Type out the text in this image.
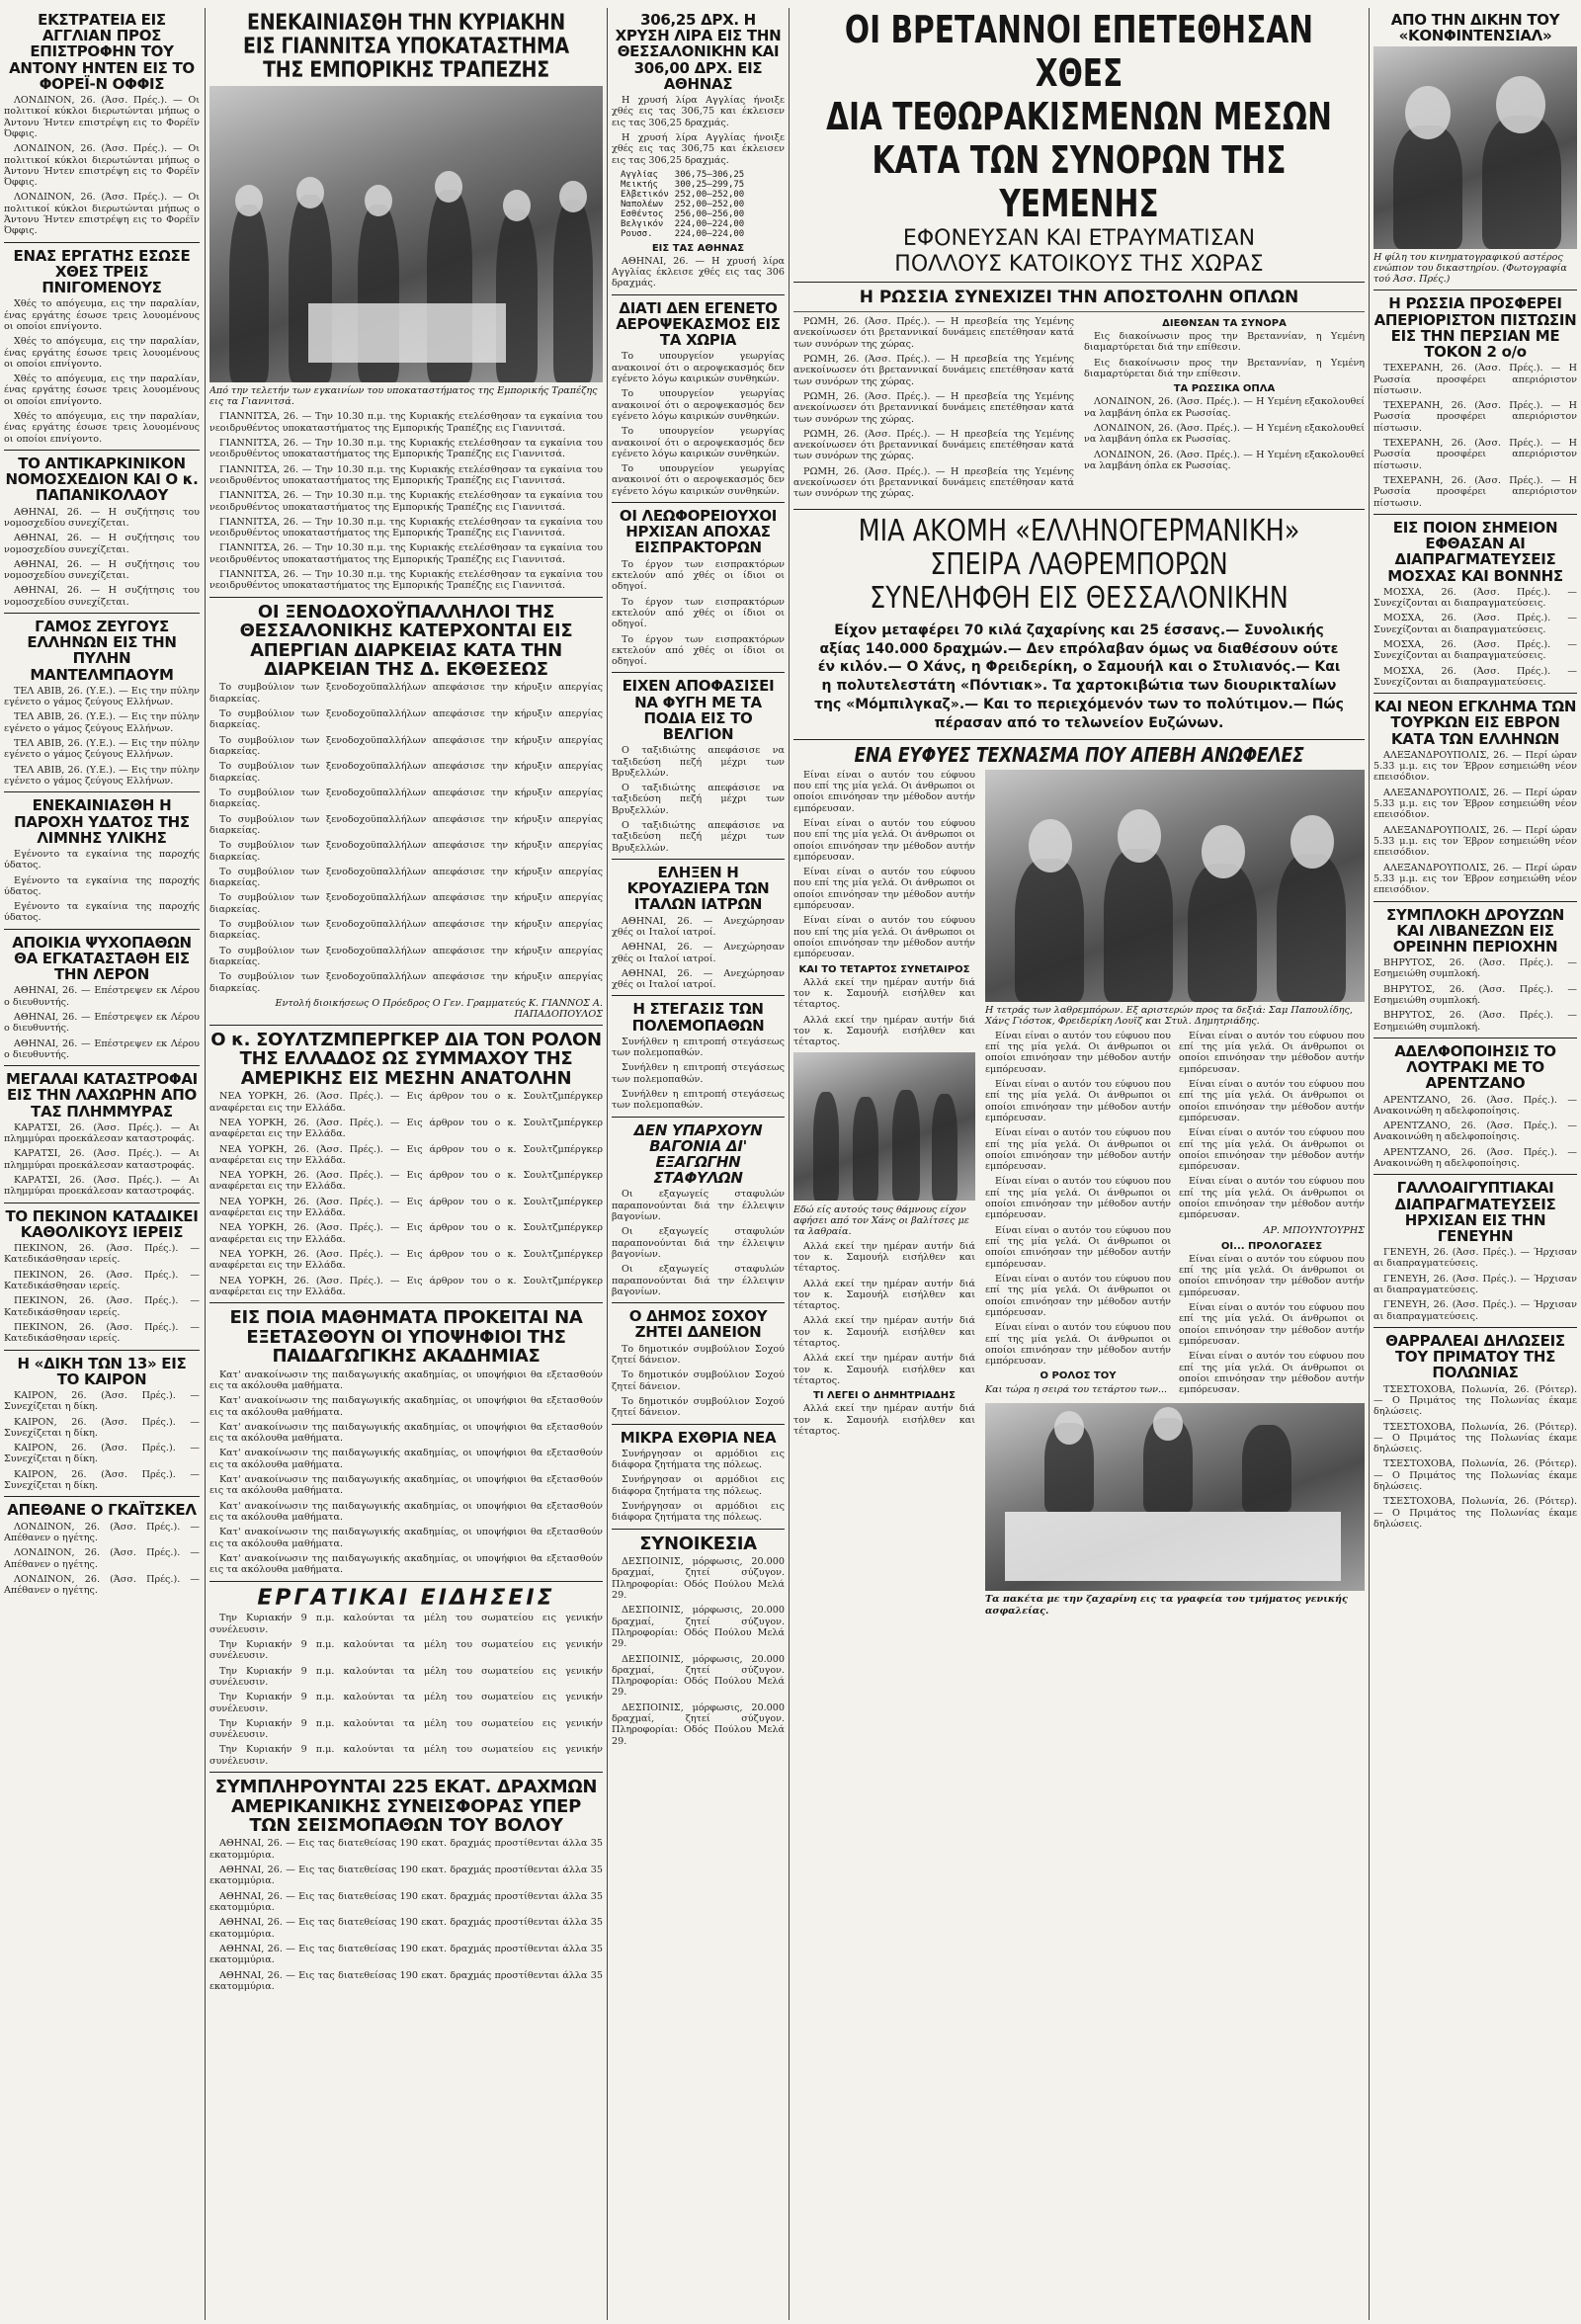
ΕΚΣΤΡΑΤΕΙΑ ΕΙΣ ΑΓΓΛΙΑΝ ΠΡΟΣ ΕΠΙΣΤΡΟΦΗΝ ΤΟΥ ΑΝΤΟΝΥ ΗΝΤΕΝ ΕΙΣ ΤΟ ΦΟΡΕΪ-Ν ΟΦΦΙΣ

ΛΟΝΔΙΝΟΝ, 26. (Άσσ. Πρές.). — Οι πολιτικοί κύκλοι διερωτώνται μήπως ο Άντονυ Ήντεν επιστρέψη εις το Φορέϊν Όφφις.

ΛΟΝΔΙΝΟΝ, 26. (Άσσ. Πρές.). — Οι πολιτικοί κύκλοι διερωτώνται μήπως ο Άντονυ Ήντεν επιστρέψη εις το Φορέϊν Όφφις.

ΛΟΝΔΙΝΟΝ, 26. (Άσσ. Πρές.). — Οι πολιτικοί κύκλοι διερωτώνται μήπως ο Άντονυ Ήντεν επιστρέψη εις το Φορέϊν Όφφις.

ΕΝΑΣ ΕΡΓΑΤΗΣ ΕΣΩΣΕ ΧΘΕΣ ΤΡΕΙΣ ΠΝΙΓΟΜΕΝΟΥΣ

Χθές το απόγευμα, εις την παραλίαν, ένας εργάτης έσωσε τρεις λουομένους οι οποίοι επνίγοντο.

Χθές το απόγευμα, εις την παραλίαν, ένας εργάτης έσωσε τρεις λουομένους οι οποίοι επνίγοντο.

Χθές το απόγευμα, εις την παραλίαν, ένας εργάτης έσωσε τρεις λουομένους οι οποίοι επνίγοντο.

Χθές το απόγευμα, εις την παραλίαν, ένας εργάτης έσωσε τρεις λουομένους οι οποίοι επνίγοντο.

ΤΟ ΑΝΤΙΚΑΡΚΙΝΙΚΟΝ ΝΟΜΟΣΧΕΔΙΟΝ ΚΑΙ Ο κ. ΠΑΠΑΝΙΚΟΛΑΟΥ

ΑΘΗΝΑΙ, 26. — Η συζήτησις του νομοσχεδίου συνεχίζεται.

ΑΘΗΝΑΙ, 26. — Η συζήτησις του νομοσχεδίου συνεχίζεται.

ΑΘΗΝΑΙ, 26. — Η συζήτησις του νομοσχεδίου συνεχίζεται.

ΑΘΗΝΑΙ, 26. — Η συζήτησις του νομοσχεδίου συνεχίζεται.

ΓΑΜΟΣ ΖΕΥΓΟΥΣ ΕΛΛΗΝΩΝ ΕΙΣ ΤΗΝ ΠΥΛΗΝ ΜΑΝΤΕΛΜΠΑΟΥΜ

ΤΕΛ ΑΒΙΒ, 26. (Υ.Ε.). — Εις την πύλην εγένετο ο γάμος ζεύγους Ελλήνων.

ΤΕΛ ΑΒΙΒ, 26. (Υ.Ε.). — Εις την πύλην εγένετο ο γάμος ζεύγους Ελλήνων.

ΤΕΛ ΑΒΙΒ, 26. (Υ.Ε.). — Εις την πύλην εγένετο ο γάμος ζεύγους Ελλήνων.

ΤΕΛ ΑΒΙΒ, 26. (Υ.Ε.). — Εις την πύλην εγένετο ο γάμος ζεύγους Ελλήνων.

ΕΝΕΚΑΙΝΙΑΣΘΗ Η ΠΑΡΟΧΗ ΥΔΑΤΟΣ ΤΗΣ ΛΙΜΝΗΣ ΥΛΙΚΗΣ

Εγένοντο τα εγκαίνια της παροχής ύδατος.

Εγένοντο τα εγκαίνια της παροχής ύδατος.

Εγένοντο τα εγκαίνια της παροχής ύδατος.

ΑΠΟΙΚΙΑ ΨΥΧΟΠΑΘΩΝ ΘΑ ΕΓΚΑΤΑΣΤΑΘΗ ΕΙΣ ΤΗΝ ΛΕΡΟΝ

ΑΘΗΝΑΙ, 26. — Επέστρεψεν εκ Λέρου ο διευθυντής.

ΑΘΗΝΑΙ, 26. — Επέστρεψεν εκ Λέρου ο διευθυντής.

ΑΘΗΝΑΙ, 26. — Επέστρεψεν εκ Λέρου ο διευθυντής.

ΜΕΓΑΛΑΙ ΚΑΤΑΣΤΡΟΦΑΙ ΕΙΣ ΤΗΝ ΛΑΧΩΡΗΝ ΑΠΟ ΤΑΣ ΠΛΗΜΜΥΡΑΣ

ΚΑΡΑΤΣΙ, 26. (Άσσ. Πρές.). — Αι πλημμύραι προεκάλεσαν καταστροφάς.

ΚΑΡΑΤΣΙ, 26. (Άσσ. Πρές.). — Αι πλημμύραι προεκάλεσαν καταστροφάς.

ΚΑΡΑΤΣΙ, 26. (Άσσ. Πρές.). — Αι πλημμύραι προεκάλεσαν καταστροφάς.

ΤΟ ΠΕΚΙΝΟΝ ΚΑΤΑΔΙΚΕΙ ΚΑΘΟΛΙΚΟΥΣ ΙΕΡΕΙΣ

ΠΕΚΙΝΟΝ, 26. (Άσσ. Πρές.). — Κατεδικάσθησαν ιερείς.

ΠΕΚΙΝΟΝ, 26. (Άσσ. Πρές.). — Κατεδικάσθησαν ιερείς.

ΠΕΚΙΝΟΝ, 26. (Άσσ. Πρές.). — Κατεδικάσθησαν ιερείς.

ΠΕΚΙΝΟΝ, 26. (Άσσ. Πρές.). — Κατεδικάσθησαν ιερείς.

Η «ΔΙΚΗ ΤΩΝ 13» ΕΙΣ ΤΟ ΚΑΙΡΟΝ

ΚΑΙΡΟΝ, 26. (Άσσ. Πρές.). — Συνεχίζεται η δίκη.

ΚΑΙΡΟΝ, 26. (Άσσ. Πρές.). — Συνεχίζεται η δίκη.

ΚΑΙΡΟΝ, 26. (Άσσ. Πρές.). — Συνεχίζεται η δίκη.

ΚΑΙΡΟΝ, 26. (Άσσ. Πρές.). — Συνεχίζεται η δίκη.

ΑΠΕΘΑΝΕ Ο ΓΚΑΪΤΣΚΕΛ

ΛΟΝΔΙΝΟΝ, 26. (Άσσ. Πρές.). — Απέθανεν ο ηγέτης.

ΛΟΝΔΙΝΟΝ, 26. (Άσσ. Πρές.). — Απέθανεν ο ηγέτης.

ΛΟΝΔΙΝΟΝ, 26. (Άσσ. Πρές.). — Απέθανεν ο ηγέτης.

ΕΝΕΚΑΙΝΙΑΣΘΗ ΤΗΝ ΚΥΡΙΑΚΗΝ ΕΙΣ ΓΙΑΝΝΙΤΣΑ ΥΠΟΚΑΤΑΣΤΗΜΑ ΤΗΣ ΕΜΠΟΡΙΚΗΣ ΤΡΑΠΕΖΗΣ
Από την τελετήν των εγκαινίων του υποκαταστήματος της Εμπορικής Τραπέζης εις τα Γιαννιτσά.

ΓΙΑΝΝΙΤΣΑ, 26. — Την 10.30 π.μ. της Κυριακής ετελέσθησαν τα εγκαίνια του νεοιδρυθέντος υποκαταστήματος της Εμπορικής Τραπέζης εις Γιαννιτσά.

ΓΙΑΝΝΙΤΣΑ, 26. — Την 10.30 π.μ. της Κυριακής ετελέσθησαν τα εγκαίνια του νεοιδρυθέντος υποκαταστήματος της Εμπορικής Τραπέζης εις Γιαννιτσά.

ΓΙΑΝΝΙΤΣΑ, 26. — Την 10.30 π.μ. της Κυριακής ετελέσθησαν τα εγκαίνια του νεοιδρυθέντος υποκαταστήματος της Εμπορικής Τραπέζης εις Γιαννιτσά.

ΓΙΑΝΝΙΤΣΑ, 26. — Την 10.30 π.μ. της Κυριακής ετελέσθησαν τα εγκαίνια του νεοιδρυθέντος υποκαταστήματος της Εμπορικής Τραπέζης εις Γιαννιτσά.

ΓΙΑΝΝΙΤΣΑ, 26. — Την 10.30 π.μ. της Κυριακής ετελέσθησαν τα εγκαίνια του νεοιδρυθέντος υποκαταστήματος της Εμπορικής Τραπέζης εις Γιαννιτσά.

ΓΙΑΝΝΙΤΣΑ, 26. — Την 10.30 π.μ. της Κυριακής ετελέσθησαν τα εγκαίνια του νεοιδρυθέντος υποκαταστήματος της Εμπορικής Τραπέζης εις Γιαννιτσά.

ΓΙΑΝΝΙΤΣΑ, 26. — Την 10.30 π.μ. της Κυριακής ετελέσθησαν τα εγκαίνια του νεοιδρυθέντος υποκαταστήματος της Εμπορικής Τραπέζης εις Γιαννιτσά.

ΟΙ ΞΕΝΟΔΟΧΟΫΠΑΛΛΗΛΟΙ ΤΗΣ ΘΕΣΣΑΛΟΝΙΚΗΣ ΚΑΤΕΡΧΟΝΤΑΙ ΕΙΣ ΑΠΕΡΓΙΑΝ ΔΙΑΡΚΕΙΑΣ ΚΑΤΑ ΤΗΝ ΔΙΑΡΚΕΙΑΝ ΤΗΣ Δ. ΕΚΘΕΣΕΩΣ

Το συμβούλιον των ξενοδοχοϋπαλλήλων απεφάσισε την κήρυξιν απεργίας διαρκείας.

Το συμβούλιον των ξενοδοχοϋπαλλήλων απεφάσισε την κήρυξιν απεργίας διαρκείας.

Το συμβούλιον των ξενοδοχοϋπαλλήλων απεφάσισε την κήρυξιν απεργίας διαρκείας.

Το συμβούλιον των ξενοδοχοϋπαλλήλων απεφάσισε την κήρυξιν απεργίας διαρκείας.

Το συμβούλιον των ξενοδοχοϋπαλλήλων απεφάσισε την κήρυξιν απεργίας διαρκείας.

Το συμβούλιον των ξενοδοχοϋπαλλήλων απεφάσισε την κήρυξιν απεργίας διαρκείας.

Το συμβούλιον των ξενοδοχοϋπαλλήλων απεφάσισε την κήρυξιν απεργίας διαρκείας.

Το συμβούλιον των ξενοδοχοϋπαλλήλων απεφάσισε την κήρυξιν απεργίας διαρκείας.

Το συμβούλιον των ξενοδοχοϋπαλλήλων απεφάσισε την κήρυξιν απεργίας διαρκείας.

Το συμβούλιον των ξενοδοχοϋπαλλήλων απεφάσισε την κήρυξιν απεργίας διαρκείας.

Το συμβούλιον των ξενοδοχοϋπαλλήλων απεφάσισε την κήρυξιν απεργίας διαρκείας.

Το συμβούλιον των ξενοδοχοϋπαλλήλων απεφάσισε την κήρυξιν απεργίας διαρκείας.

Εντολή διοικήσεως Ο Πρόεδρος Ο Γεν. Γραμματεύς Κ. ΓΙΑΝΝΟΣ Α. ΠΑΠΑΔΟΠΟΥΛΟΣ
Ο κ. ΣΟΥΛΤΖΜΠΕΡΓΚΕΡ ΔΙΑ ΤΟΝ ΡΟΛΟΝ ΤΗΣ ΕΛΛΑΔΟΣ ΩΣ ΣΥΜΜΑΧΟΥ ΤΗΣ ΑΜΕΡΙΚΗΣ ΕΙΣ ΜΕΣΗΝ ΑΝΑΤΟΛΗΝ

ΝΕΑ ΥΟΡΚΗ, 26. (Άσσ. Πρές.). — Εις άρθρον του ο κ. Σουλτζμπέργκερ αναφέρεται εις την Ελλάδα.

ΝΕΑ ΥΟΡΚΗ, 26. (Άσσ. Πρές.). — Εις άρθρον του ο κ. Σουλτζμπέργκερ αναφέρεται εις την Ελλάδα.

ΝΕΑ ΥΟΡΚΗ, 26. (Άσσ. Πρές.). — Εις άρθρον του ο κ. Σουλτζμπέργκερ αναφέρεται εις την Ελλάδα.

ΝΕΑ ΥΟΡΚΗ, 26. (Άσσ. Πρές.). — Εις άρθρον του ο κ. Σουλτζμπέργκερ αναφέρεται εις την Ελλάδα.

ΝΕΑ ΥΟΡΚΗ, 26. (Άσσ. Πρές.). — Εις άρθρον του ο κ. Σουλτζμπέργκερ αναφέρεται εις την Ελλάδα.

ΝΕΑ ΥΟΡΚΗ, 26. (Άσσ. Πρές.). — Εις άρθρον του ο κ. Σουλτζμπέργκερ αναφέρεται εις την Ελλάδα.

ΝΕΑ ΥΟΡΚΗ, 26. (Άσσ. Πρές.). — Εις άρθρον του ο κ. Σουλτζμπέργκερ αναφέρεται εις την Ελλάδα.

ΝΕΑ ΥΟΡΚΗ, 26. (Άσσ. Πρές.). — Εις άρθρον του ο κ. Σουλτζμπέργκερ αναφέρεται εις την Ελλάδα.

ΕΙΣ ΠΟΙΑ ΜΑΘΗΜΑΤΑ ΠΡΟΚΕΙΤΑΙ ΝΑ ΕΞΕΤΑΣΘΟΥΝ ΟΙ ΥΠΟΨΗΦΙΟΙ ΤΗΣ ΠΑΙΔΑΓΩΓΙΚΗΣ ΑΚΑΔΗΜΙΑΣ

Κατ' ανακοίνωσιν της παιδαγωγικής ακαδημίας, οι υποψήφιοι θα εξετασθούν εις τα ακόλουθα μαθήματα.

Κατ' ανακοίνωσιν της παιδαγωγικής ακαδημίας, οι υποψήφιοι θα εξετασθούν εις τα ακόλουθα μαθήματα.

Κατ' ανακοίνωσιν της παιδαγωγικής ακαδημίας, οι υποψήφιοι θα εξετασθούν εις τα ακόλουθα μαθήματα.

Κατ' ανακοίνωσιν της παιδαγωγικής ακαδημίας, οι υποψήφιοι θα εξετασθούν εις τα ακόλουθα μαθήματα.

Κατ' ανακοίνωσιν της παιδαγωγικής ακαδημίας, οι υποψήφιοι θα εξετασθούν εις τα ακόλουθα μαθήματα.

Κατ' ανακοίνωσιν της παιδαγωγικής ακαδημίας, οι υποψήφιοι θα εξετασθούν εις τα ακόλουθα μαθήματα.

Κατ' ανακοίνωσιν της παιδαγωγικής ακαδημίας, οι υποψήφιοι θα εξετασθούν εις τα ακόλουθα μαθήματα.

Κατ' ανακοίνωσιν της παιδαγωγικής ακαδημίας, οι υποψήφιοι θα εξετασθούν εις τα ακόλουθα μαθήματα.

ΕΡΓΑΤΙΚΑΙ ΕΙΔΗΣΕΙΣ

Την Κυριακήν 9 π.μ. καλούνται τα μέλη του σωματείου εις γενικήν συνέλευσιν.

Την Κυριακήν 9 π.μ. καλούνται τα μέλη του σωματείου εις γενικήν συνέλευσιν.

Την Κυριακήν 9 π.μ. καλούνται τα μέλη του σωματείου εις γενικήν συνέλευσιν.

Την Κυριακήν 9 π.μ. καλούνται τα μέλη του σωματείου εις γενικήν συνέλευσιν.

Την Κυριακήν 9 π.μ. καλούνται τα μέλη του σωματείου εις γενικήν συνέλευσιν.

Την Κυριακήν 9 π.μ. καλούνται τα μέλη του σωματείου εις γενικήν συνέλευσιν.

ΣΥΜΠΛΗΡΟΥΝΤΑΙ 225 ΕΚΑΤ. ΔΡΑΧΜΩΝ ΑΜΕΡΙΚΑΝΙΚΗΣ ΣΥΝΕΙΣΦΟΡΑΣ ΥΠΕΡ ΤΩΝ ΣΕΙΣΜΟΠΑΘΩΝ ΤΟΥ ΒΟΛΟΥ

ΑΘΗΝΑΙ, 26. — Εις τας διατεθείσας 190 εκατ. δραχμάς προστίθενται άλλα 35 εκατομμύρια.

ΑΘΗΝΑΙ, 26. — Εις τας διατεθείσας 190 εκατ. δραχμάς προστίθενται άλλα 35 εκατομμύρια.

ΑΘΗΝΑΙ, 26. — Εις τας διατεθείσας 190 εκατ. δραχμάς προστίθενται άλλα 35 εκατομμύρια.

ΑΘΗΝΑΙ, 26. — Εις τας διατεθείσας 190 εκατ. δραχμάς προστίθενται άλλα 35 εκατομμύρια.

ΑΘΗΝΑΙ, 26. — Εις τας διατεθείσας 190 εκατ. δραχμάς προστίθενται άλλα 35 εκατομμύρια.

ΑΘΗΝΑΙ, 26. — Εις τας διατεθείσας 190 εκατ. δραχμάς προστίθενται άλλα 35 εκατομμύρια.

306,25 ΔΡΧ. Η ΧΡΥΣΗ ΛΙΡΑ ΕΙΣ ΤΗΝ ΘΕΣΣΑΛΟΝΙΚΗΝ ΚΑΙ 306,00 ΔΡΧ. ΕΙΣ ΑΘΗΝΑΣ

Η χρυσή λίρα Αγγλίας ήνοιξε χθές εις τας 306,75 και έκλεισεν εις τας 306,25 δραχμάς.

Η χρυσή λίρα Αγγλίας ήνοιξε χθές εις τας 306,75 και έκλεισεν εις τας 306,25 δραχμάς.

Αγγλίας	306,75—306,25
Μεικτής	300,25—299,75
Ελβετικόν	252,00—252,00
Ναπολέων	252,00—252,00
Εσθέντος	256,00—256,00
Βελγικόν	224,00—224,00
Ρουσσ.	224,00—224,00
ΕΙΣ ΤΑΣ ΑΘΗΝΑΣ

ΑΘΗΝΑΙ, 26. — Η χρυσή λίρα Αγγλίας έκλεισε χθές εις τας 306 δραχμάς.

ΔΙΑΤΙ ΔΕΝ ΕΓΕΝΕΤΟ ΑΕΡΟΨΕΚΑΣΜΟΣ ΕΙΣ ΤΑ ΧΩΡΙΑ

Το υπουργείον γεωργίας ανακοινοί ότι ο αεροψεκασμός δεν εγένετο λόγω καιρικών συνθηκών.

Το υπουργείον γεωργίας ανακοινοί ότι ο αεροψεκασμός δεν εγένετο λόγω καιρικών συνθηκών.

Το υπουργείον γεωργίας ανακοινοί ότι ο αεροψεκασμός δεν εγένετο λόγω καιρικών συνθηκών.

Το υπουργείον γεωργίας ανακοινοί ότι ο αεροψεκασμός δεν εγένετο λόγω καιρικών συνθηκών.

ΟΙ ΛΕΩΦΟΡΕΙΟΥΧΟΙ ΗΡΧΙΣΑΝ ΑΠΟΧΑΣ ΕΙΣΠΡΑΚΤΟΡΩΝ

Το έργον των εισπρακτόρων εκτελούν από χθές οι ίδιοι οι οδηγοί.

Το έργον των εισπρακτόρων εκτελούν από χθές οι ίδιοι οι οδηγοί.

Το έργον των εισπρακτόρων εκτελούν από χθές οι ίδιοι οι οδηγοί.

ΕΙΧΕΝ ΑΠΟΦΑΣΙΣΕΙ ΝΑ ΦΥΓΗ ΜΕ ΤΑ ΠΟΔΙΑ ΕΙΣ ΤΟ ΒΕΛΓΙΟΝ

Ο ταξιδιώτης απεφάσισε να ταξιδεύση πεζή μέχρι των Βρυξελλών.

Ο ταξιδιώτης απεφάσισε να ταξιδεύση πεζή μέχρι των Βρυξελλών.

Ο ταξιδιώτης απεφάσισε να ταξιδεύση πεζή μέχρι των Βρυξελλών.

ΕΛΗΞΕΝ Η ΚΡΟΥΑΖΙΕΡΑ ΤΩΝ ΙΤΑΛΩΝ ΙΑΤΡΩΝ

ΑΘΗΝΑΙ, 26. — Ανεχώρησαν χθές οι Ιταλοί ιατροί.

ΑΘΗΝΑΙ, 26. — Ανεχώρησαν χθές οι Ιταλοί ιατροί.

ΑΘΗΝΑΙ, 26. — Ανεχώρησαν χθές οι Ιταλοί ιατροί.

Η ΣΤΕΓΑΣΙΣ ΤΩΝ ΠΟΛΕΜΟΠΑΘΩΝ

Συνήλθεν η επιτροπή στεγάσεως των πολεμοπαθών.

Συνήλθεν η επιτροπή στεγάσεως των πολεμοπαθών.

Συνήλθεν η επιτροπή στεγάσεως των πολεμοπαθών.

ΔΕΝ ΥΠΑΡΧΟΥΝ ΒΑΓΟΝΙΑ ΔΙ' ΕΞΑΓΩΓΗΝ ΣΤΑΦΥΛΩΝ

Οι εξαγωγείς σταφυλών παραπονούνται διά την έλλειψιν βαγονίων.

Οι εξαγωγείς σταφυλών παραπονούνται διά την έλλειψιν βαγονίων.

Οι εξαγωγείς σταφυλών παραπονούνται διά την έλλειψιν βαγονίων.

Ο ΔΗΜΟΣ ΣΟΧΟΥ ΖΗΤΕΙ ΔΑΝΕΙΟΝ

Το δημοτικόν συμβούλιον Σοχού ζητεί δάνειον.

Το δημοτικόν συμβούλιον Σοχού ζητεί δάνειον.

Το δημοτικόν συμβούλιον Σοχού ζητεί δάνειον.

ΜΙΚΡΑ ΕΧΘΡΙΑ ΝΕΑ

Συνήργησαν οι αρμόδιοι εις διάφορα ζητήματα της πόλεως.

Συνήργησαν οι αρμόδιοι εις διάφορα ζητήματα της πόλεως.

Συνήργησαν οι αρμόδιοι εις διάφορα ζητήματα της πόλεως.

ΣΥΝΟΙΚΕΣΙΑ

ΔΕΣΠΟΙΝΙΣ, μόρφωσις, 20.000 δραχμαί, ζητεί σύζυγον. Πληροφορίαι: Οδός Πούλου Μελά 29.

ΔΕΣΠΟΙΝΙΣ, μόρφωσις, 20.000 δραχμαί, ζητεί σύζυγον. Πληροφορίαι: Οδός Πούλου Μελά 29.

ΔΕΣΠΟΙΝΙΣ, μόρφωσις, 20.000 δραχμαί, ζητεί σύζυγον. Πληροφορίαι: Οδός Πούλου Μελά 29.

ΔΕΣΠΟΙΝΙΣ, μόρφωσις, 20.000 δραχμαί, ζητεί σύζυγον. Πληροφορίαι: Οδός Πούλου Μελά 29.

ΟΙ ΒΡΕΤΑΝΝΟΙ ΕΠΕΤΕΘΗΣΑΝ ΧΘΕΣ
ΔΙΑ ΤΕΘΩΡΑΚΙΣΜΕΝΩΝ ΜΕΣΩΝ
ΚΑΤΑ ΤΩΝ ΣΥΝΟΡΩΝ ΤΗΣ ΥΕΜΕΝΗΣ
ΕΦΟΝΕΥΣΑΝ ΚΑΙ ΕΤΡΑΥΜΑΤΙΣΑΝ
ΠΟΛΛΟΥΣ ΚΑΤΟΙΚΟΥΣ ΤΗΣ ΧΩΡΑΣ
Η ΡΩΣΣΙΑ ΣΥΝΕΧΙΖΕΙ ΤΗΝ ΑΠΟΣΤΟΛΗΝ ΟΠΛΩΝ

ΡΩΜΗ, 26. (Άσσ. Πρές.). — Η πρεσβεία της Υεμένης ανεκοίνωσεν ότι βρεταννικαί δυνάμεις επετέθησαν κατά των συνόρων της χώρας.

ΡΩΜΗ, 26. (Άσσ. Πρές.). — Η πρεσβεία της Υεμένης ανεκοίνωσεν ότι βρεταννικαί δυνάμεις επετέθησαν κατά των συνόρων της χώρας.

ΡΩΜΗ, 26. (Άσσ. Πρές.). — Η πρεσβεία της Υεμένης ανεκοίνωσεν ότι βρεταννικαί δυνάμεις επετέθησαν κατά των συνόρων της χώρας.

ΡΩΜΗ, 26. (Άσσ. Πρές.). — Η πρεσβεία της Υεμένης ανεκοίνωσεν ότι βρεταννικαί δυνάμεις επετέθησαν κατά των συνόρων της χώρας.

ΡΩΜΗ, 26. (Άσσ. Πρές.). — Η πρεσβεία της Υεμένης ανεκοίνωσεν ότι βρεταννικαί δυνάμεις επετέθησαν κατά των συνόρων της χώρας.

ΔΙΕΘΝΣΑΝ ΤΑ ΣΥΝΟΡΑ

Εις διακοίνωσιν προς την Βρεταννίαν, η Υεμένη διαμαρτύρεται διά την επίθεσιν.

Εις διακοίνωσιν προς την Βρεταννίαν, η Υεμένη διαμαρτύρεται διά την επίθεσιν.

ΤΑ ΡΩΣΣΙΚΑ ΟΠΛΑ

ΛΟΝΔΙΝΟΝ, 26. (Άσσ. Πρές.). — Η Υεμένη εξακολουθεί να λαμβάνη όπλα εκ Ρωσσίας.

ΛΟΝΔΙΝΟΝ, 26. (Άσσ. Πρές.). — Η Υεμένη εξακολουθεί να λαμβάνη όπλα εκ Ρωσσίας.

ΛΟΝΔΙΝΟΝ, 26. (Άσσ. Πρές.). — Η Υεμένη εξακολουθεί να λαμβάνη όπλα εκ Ρωσσίας.

ΜΙΑ ΑΚΟΜΗ «ΕΛΛΗΝΟΓΕΡΜΑΝΙΚΗ»
ΣΠΕΙΡΑ ΛΑΘΡΕΜΠΟΡΩΝ
ΣΥΝΕΛΗΦΘΗ ΕΙΣ ΘΕΣΣΑΛΟΝΙΚΗΝ
Είχον μεταφέρει 70 κιλά ζαχαρίνης και 25 έσσανς.— Συνολικής αξίας 140.000 δραχμών.— Δεν επρόλαβαν όμως να διαθέσουν ούτε έν κιλόν.— Ο Χάνς, η Φρειδερίκη, ο Σαμουήλ και ο Στυλιανός.— Και η πολυτελεστάτη «Πόντιακ». Τα χαρτοκιβώτια των διουρικταλίων της «Μόμπιλγκαζ».— Και το περιεχόμενόν των το πολύτιμον.— Πώς πέρασαν από το τελωνείον Ευζώνων.
ΕΝΑ ΕΥΦΥΕΣ ΤΕΧΝΑΣΜΑ ΠΟΥ ΑΠΕΒΗ ΑΝΩΦΕΛΕΣ

Είναι είναι ο αυτόν του εύφυου που επί της μία γελά. Οι άνθρωποι οι οποίοι επινόησαν την μέθοδον αυτήν εμπόρευσαν.

Είναι είναι ο αυτόν του εύφυου που επί της μία γελά. Οι άνθρωποι οι οποίοι επινόησαν την μέθοδον αυτήν εμπόρευσαν.

Είναι είναι ο αυτόν του εύφυου που επί της μία γελά. Οι άνθρωποι οι οποίοι επινόησαν την μέθοδον αυτήν εμπόρευσαν.

Είναι είναι ο αυτόν του εύφυου που επί της μία γελά. Οι άνθρωποι οι οποίοι επινόησαν την μέθοδον αυτήν εμπόρευσαν.

ΚΑΙ ΤΟ ΤΕΤΑΡΤΟΣ ΣΥΝΕΤΑΙΡΟΣ

Αλλά εκεί την ημέραν αυτήν διά τον κ. Σαμουήλ εισήλθεν και τέταρτος.

Αλλά εκεί την ημέραν αυτήν διά τον κ. Σαμουήλ εισήλθεν και τέταρτος.

Εδώ είς αυτούς τους θάμνους είχον αφήσει από τον Χάνς οι βαλίτσες με τα λαθραία.

Αλλά εκεί την ημέραν αυτήν διά τον κ. Σαμουήλ εισήλθεν και τέταρτος.

Αλλά εκεί την ημέραν αυτήν διά τον κ. Σαμουήλ εισήλθεν και τέταρτος.

Αλλά εκεί την ημέραν αυτήν διά τον κ. Σαμουήλ εισήλθεν και τέταρτος.

Αλλά εκεί την ημέραν αυτήν διά τον κ. Σαμουήλ εισήλθεν και τέταρτος.

ΤΙ ΛΕΓΕΙ Ο ΔΗΜΗΤΡΙΑΔΗΣ

Αλλά εκεί την ημέραν αυτήν διά τον κ. Σαμουήλ εισήλθεν και τέταρτος.

Η τετράς των λαθρεμπόρων. Εξ αριστερών προς τα δεξιά: Σαμ Παπουλίδης, Χάνς Γιόστοκ, Φρειδερίκη Λουϊζ και Στυλ. Δημητριάδης.

Είναι είναι ο αυτόν του εύφυου που επί της μία γελά. Οι άνθρωποι οι οποίοι επινόησαν την μέθοδον αυτήν εμπόρευσαν.

Είναι είναι ο αυτόν του εύφυου που επί της μία γελά. Οι άνθρωποι οι οποίοι επινόησαν την μέθοδον αυτήν εμπόρευσαν.

Είναι είναι ο αυτόν του εύφυου που επί της μία γελά. Οι άνθρωποι οι οποίοι επινόησαν την μέθοδον αυτήν εμπόρευσαν.

Είναι είναι ο αυτόν του εύφυου που επί της μία γελά. Οι άνθρωποι οι οποίοι επινόησαν την μέθοδον αυτήν εμπόρευσαν.

Είναι είναι ο αυτόν του εύφυου που επί της μία γελά. Οι άνθρωποι οι οποίοι επινόησαν την μέθοδον αυτήν εμπόρευσαν.

Είναι είναι ο αυτόν του εύφυου που επί της μία γελά. Οι άνθρωποι οι οποίοι επινόησαν την μέθοδον αυτήν εμπόρευσαν.

Είναι είναι ο αυτόν του εύφυου που επί της μία γελά. Οι άνθρωποι οι οποίοι επινόησαν την μέθοδον αυτήν εμπόρευσαν.

Ο ΡΟΛΟΣ ΤΟΥ
Και τώρα η σειρά του τετάρτου των...

Είναι είναι ο αυτόν του εύφυου που επί της μία γελά. Οι άνθρωποι οι οποίοι επινόησαν την μέθοδον αυτήν εμπόρευσαν.

Είναι είναι ο αυτόν του εύφυου που επί της μία γελά. Οι άνθρωποι οι οποίοι επινόησαν την μέθοδον αυτήν εμπόρευσαν.

Είναι είναι ο αυτόν του εύφυου που επί της μία γελά. Οι άνθρωποι οι οποίοι επινόησαν την μέθοδον αυτήν εμπόρευσαν.

Είναι είναι ο αυτόν του εύφυου που επί της μία γελά. Οι άνθρωποι οι οποίοι επινόησαν την μέθοδον αυτήν εμπόρευσαν.

ΑΡ. ΜΠΟΥΝΤΟΥΡΗΣ
ΟΙ... ΠΡΟΛΟΓΑΣΕΣ

Είναι είναι ο αυτόν του εύφυου που επί της μία γελά. Οι άνθρωποι οι οποίοι επινόησαν την μέθοδον αυτήν εμπόρευσαν.

Είναι είναι ο αυτόν του εύφυου που επί της μία γελά. Οι άνθρωποι οι οποίοι επινόησαν την μέθοδον αυτήν εμπόρευσαν.

Είναι είναι ο αυτόν του εύφυου που επί της μία γελά. Οι άνθρωποι οι οποίοι επινόησαν την μέθοδον αυτήν εμπόρευσαν.

Τα πακέτα με την ζαχαρίνη εις τα γραφεία του τμήματος γενικής ασφαλείας.
ΑΠΟ ΤΗΝ ΔΙΚΗΝ ΤΟΥ «ΚΟΝΦΙΝΤΕΝΣΙΑΛ»
Η φίλη του κινηματογραφικού αστέρος ενώπιον του δικαστηρίου. (Φωτογραφία τού Άσσ. Πρές.)
Η ΡΩΣΣΙΑ ΠΡΟΣΦΕΡΕΙ ΑΠΕΡΙΟΡΙΣΤΟΝ ΠΙΣΤΩΣΙΝ ΕΙΣ ΤΗΝ ΠΕΡΣΙΑΝ ΜΕ ΤΟΚΟΝ 2 ο/ο

ΤΕΧΕΡΑΝΗ, 26. (Άσσ. Πρές.). — Η Ρωσσία προσφέρει απεριόριστον πίστωσιν.

ΤΕΧΕΡΑΝΗ, 26. (Άσσ. Πρές.). — Η Ρωσσία προσφέρει απεριόριστον πίστωσιν.

ΤΕΧΕΡΑΝΗ, 26. (Άσσ. Πρές.). — Η Ρωσσία προσφέρει απεριόριστον πίστωσιν.

ΤΕΧΕΡΑΝΗ, 26. (Άσσ. Πρές.). — Η Ρωσσία προσφέρει απεριόριστον πίστωσιν.

ΕΙΣ ΠΟΙΟΝ ΣΗΜΕΙΟΝ ΕΦΘΑΣΑΝ ΑΙ ΔΙΑΠΡΑΓΜΑΤΕΥΣΕΙΣ ΜΟΣΧΑΣ ΚΑΙ ΒΟΝΝΗΣ

ΜΟΣΧΑ, 26. (Άσσ. Πρές.). — Συνεχίζονται αι διαπραγματεύσεις.

ΜΟΣΧΑ, 26. (Άσσ. Πρές.). — Συνεχίζονται αι διαπραγματεύσεις.

ΜΟΣΧΑ, 26. (Άσσ. Πρές.). — Συνεχίζονται αι διαπραγματεύσεις.

ΜΟΣΧΑ, 26. (Άσσ. Πρές.). — Συνεχίζονται αι διαπραγματεύσεις.

ΚΑΙ ΝΕΟΝ ΕΓΚΛΗΜΑ ΤΩΝ ΤΟΥΡΚΩΝ ΕΙΣ ΕΒΡΟΝ ΚΑΤΑ ΤΩΝ ΕΛΛΗΝΩΝ

ΑΛΕΞΑΝΔΡΟΥΠΟΛΙΣ, 26. — Περί ώραν 5.33 μ.μ. εις τον Έβρον εσημειώθη νέον επεισόδιον.

ΑΛΕΞΑΝΔΡΟΥΠΟΛΙΣ, 26. — Περί ώραν 5.33 μ.μ. εις τον Έβρον εσημειώθη νέον επεισόδιον.

ΑΛΕΞΑΝΔΡΟΥΠΟΛΙΣ, 26. — Περί ώραν 5.33 μ.μ. εις τον Έβρον εσημειώθη νέον επεισόδιον.

ΑΛΕΞΑΝΔΡΟΥΠΟΛΙΣ, 26. — Περί ώραν 5.33 μ.μ. εις τον Έβρον εσημειώθη νέον επεισόδιον.

ΣΥΜΠΛΟΚΗ ΔΡΟΥΖΩΝ ΚΑΙ ΛΙΒΑΝΕΖΩΝ ΕΙΣ ΟΡΕΙΝΗΝ ΠΕΡΙΟΧΗΝ

ΒΗΡΥΤΟΣ, 26. (Άσσ. Πρές.). — Εσημειώθη συμπλοκή.

ΒΗΡΥΤΟΣ, 26. (Άσσ. Πρές.). — Εσημειώθη συμπλοκή.

ΒΗΡΥΤΟΣ, 26. (Άσσ. Πρές.). — Εσημειώθη συμπλοκή.

ΑΔΕΛΦΟΠΟΙΗΣΙΣ ΤΟ ΛΟΥΤΡΑΚΙ ΜΕ ΤΟ ΑΡΕΝΤΖΑΝΟ

ΑΡΕΝΤΖΑΝΟ, 26. (Άσσ. Πρές.). — Ανακοινώθη η αδελφοποίησις.

ΑΡΕΝΤΖΑΝΟ, 26. (Άσσ. Πρές.). — Ανακοινώθη η αδελφοποίησις.

ΑΡΕΝΤΖΑΝΟ, 26. (Άσσ. Πρές.). — Ανακοινώθη η αδελφοποίησις.

ΓΑΛΛΟΑΙΓΥΠΤΙΑΚΑΙ ΔΙΑΠΡΑΓΜΑΤΕΥΣΕΙΣ ΗΡΧΙΣΑΝ ΕΙΣ ΤΗΝ ΓΕΝΕΥΗΝ

ΓΕΝΕΥΗ, 26. (Άσσ. Πρές.). — Ήρχισαν αι διαπραγματεύσεις.

ΓΕΝΕΥΗ, 26. (Άσσ. Πρές.). — Ήρχισαν αι διαπραγματεύσεις.

ΓΕΝΕΥΗ, 26. (Άσσ. Πρές.). — Ήρχισαν αι διαπραγματεύσεις.

ΘΑΡΡΑΛΕΑΙ ΔΗΛΩΣΕΙΣ ΤΟΥ ΠΡΙΜΑΤΟΥ ΤΗΣ ΠΟΛΩΝΙΑΣ

ΤΣΕΣΤΟΧΟΒΑ, Πολωνία, 26. (Ρόιτερ). — Ο Πριμάτος της Πολωνίας έκαμε δηλώσεις.

ΤΣΕΣΤΟΧΟΒΑ, Πολωνία, 26. (Ρόιτερ). — Ο Πριμάτος της Πολωνίας έκαμε δηλώσεις.

ΤΣΕΣΤΟΧΟΒΑ, Πολωνία, 26. (Ρόιτερ). — Ο Πριμάτος της Πολωνίας έκαμε δηλώσεις.

ΤΣΕΣΤΟΧΟΒΑ, Πολωνία, 26. (Ρόιτερ). — Ο Πριμάτος της Πολωνίας έκαμε δηλώσεις.
